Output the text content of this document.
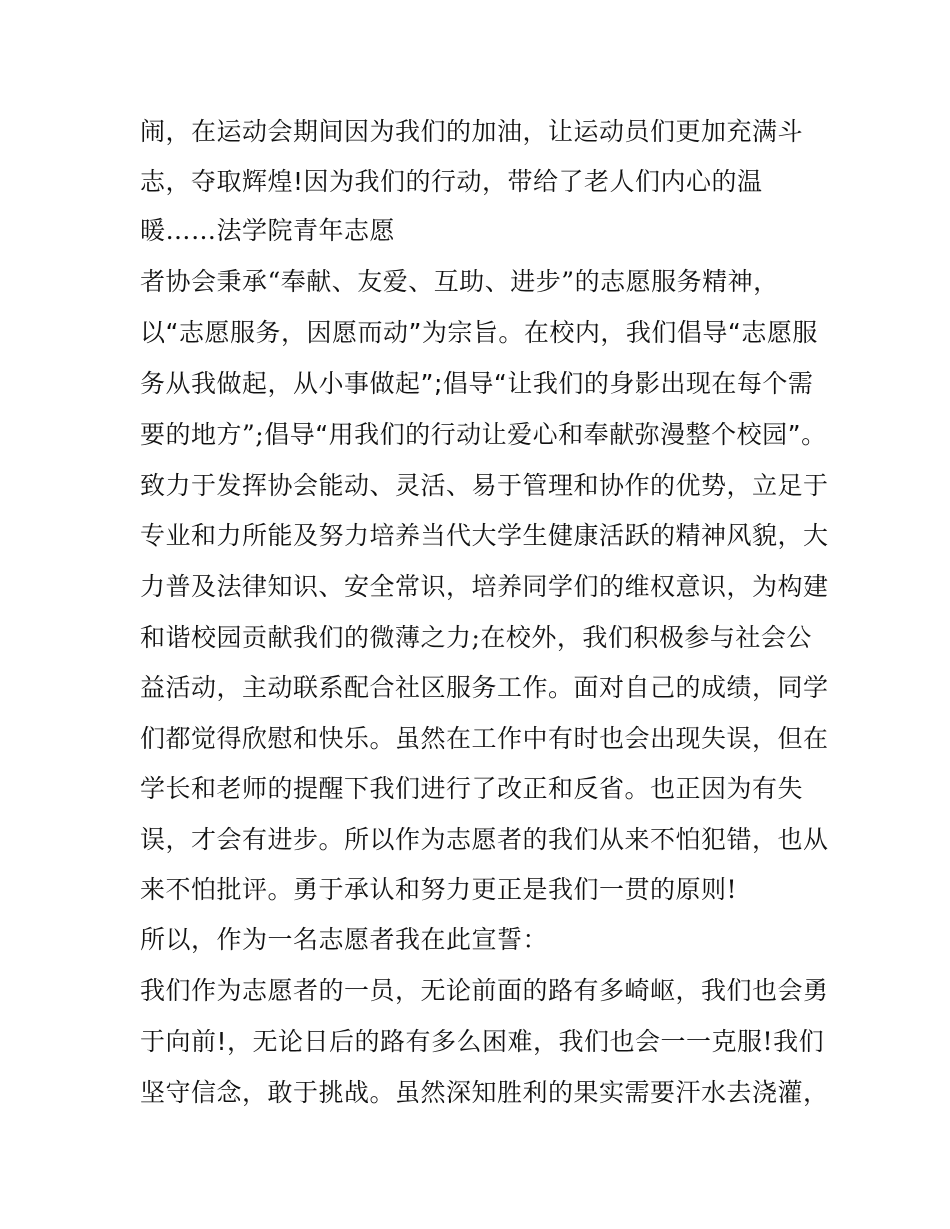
闹，在运动会期间因为我们的加油，让运动员们更加充满斗
志，夺取辉煌!因为我们的行动，带给了老人们内心的温
暖……法学院青年志愿
者协会秉承“奉献、友爱、互助、进步”的志愿服务精神，
以“志愿服务，因愿而动”为宗旨。在校内，我们倡导“志愿服
务从我做起，从小事做起”;倡导“让我们的身影出现在每个需
要的地方”;倡导“用我们的行动让爱心和奉献弥漫整个校园”。
致力于发挥协会能动、灵活、易于管理和协作的优势，立足于
专业和力所能及努力培养当代大学生健康活跃的精神风貌，大
力普及法律知识、安全常识，培养同学们的维权意识，为构建
和谐校园贡献我们的微薄之力;在校外，我们积极参与社会公
益活动，主动联系配合社区服务工作。面对自己的成绩，同学
们都觉得欣慰和快乐。虽然在工作中有时也会出现失误，但在
学长和老师的提醒下我们进行了改正和反省。也正因为有失
误，才会有进步。所以作为志愿者的我们从来不怕犯错，也从
来不怕批评。勇于承认和努力更正是我们一贯的原则!
所以，作为一名志愿者我在此宣誓：
我们作为志愿者的一员，无论前面的路有多崎岖，我们也会勇
于向前!，无论日后的路有多么困难，我们也会一一克服!我们
坚守信念，敢于挑战。虽然深知胜利的果实需要汗水去浇灌，
